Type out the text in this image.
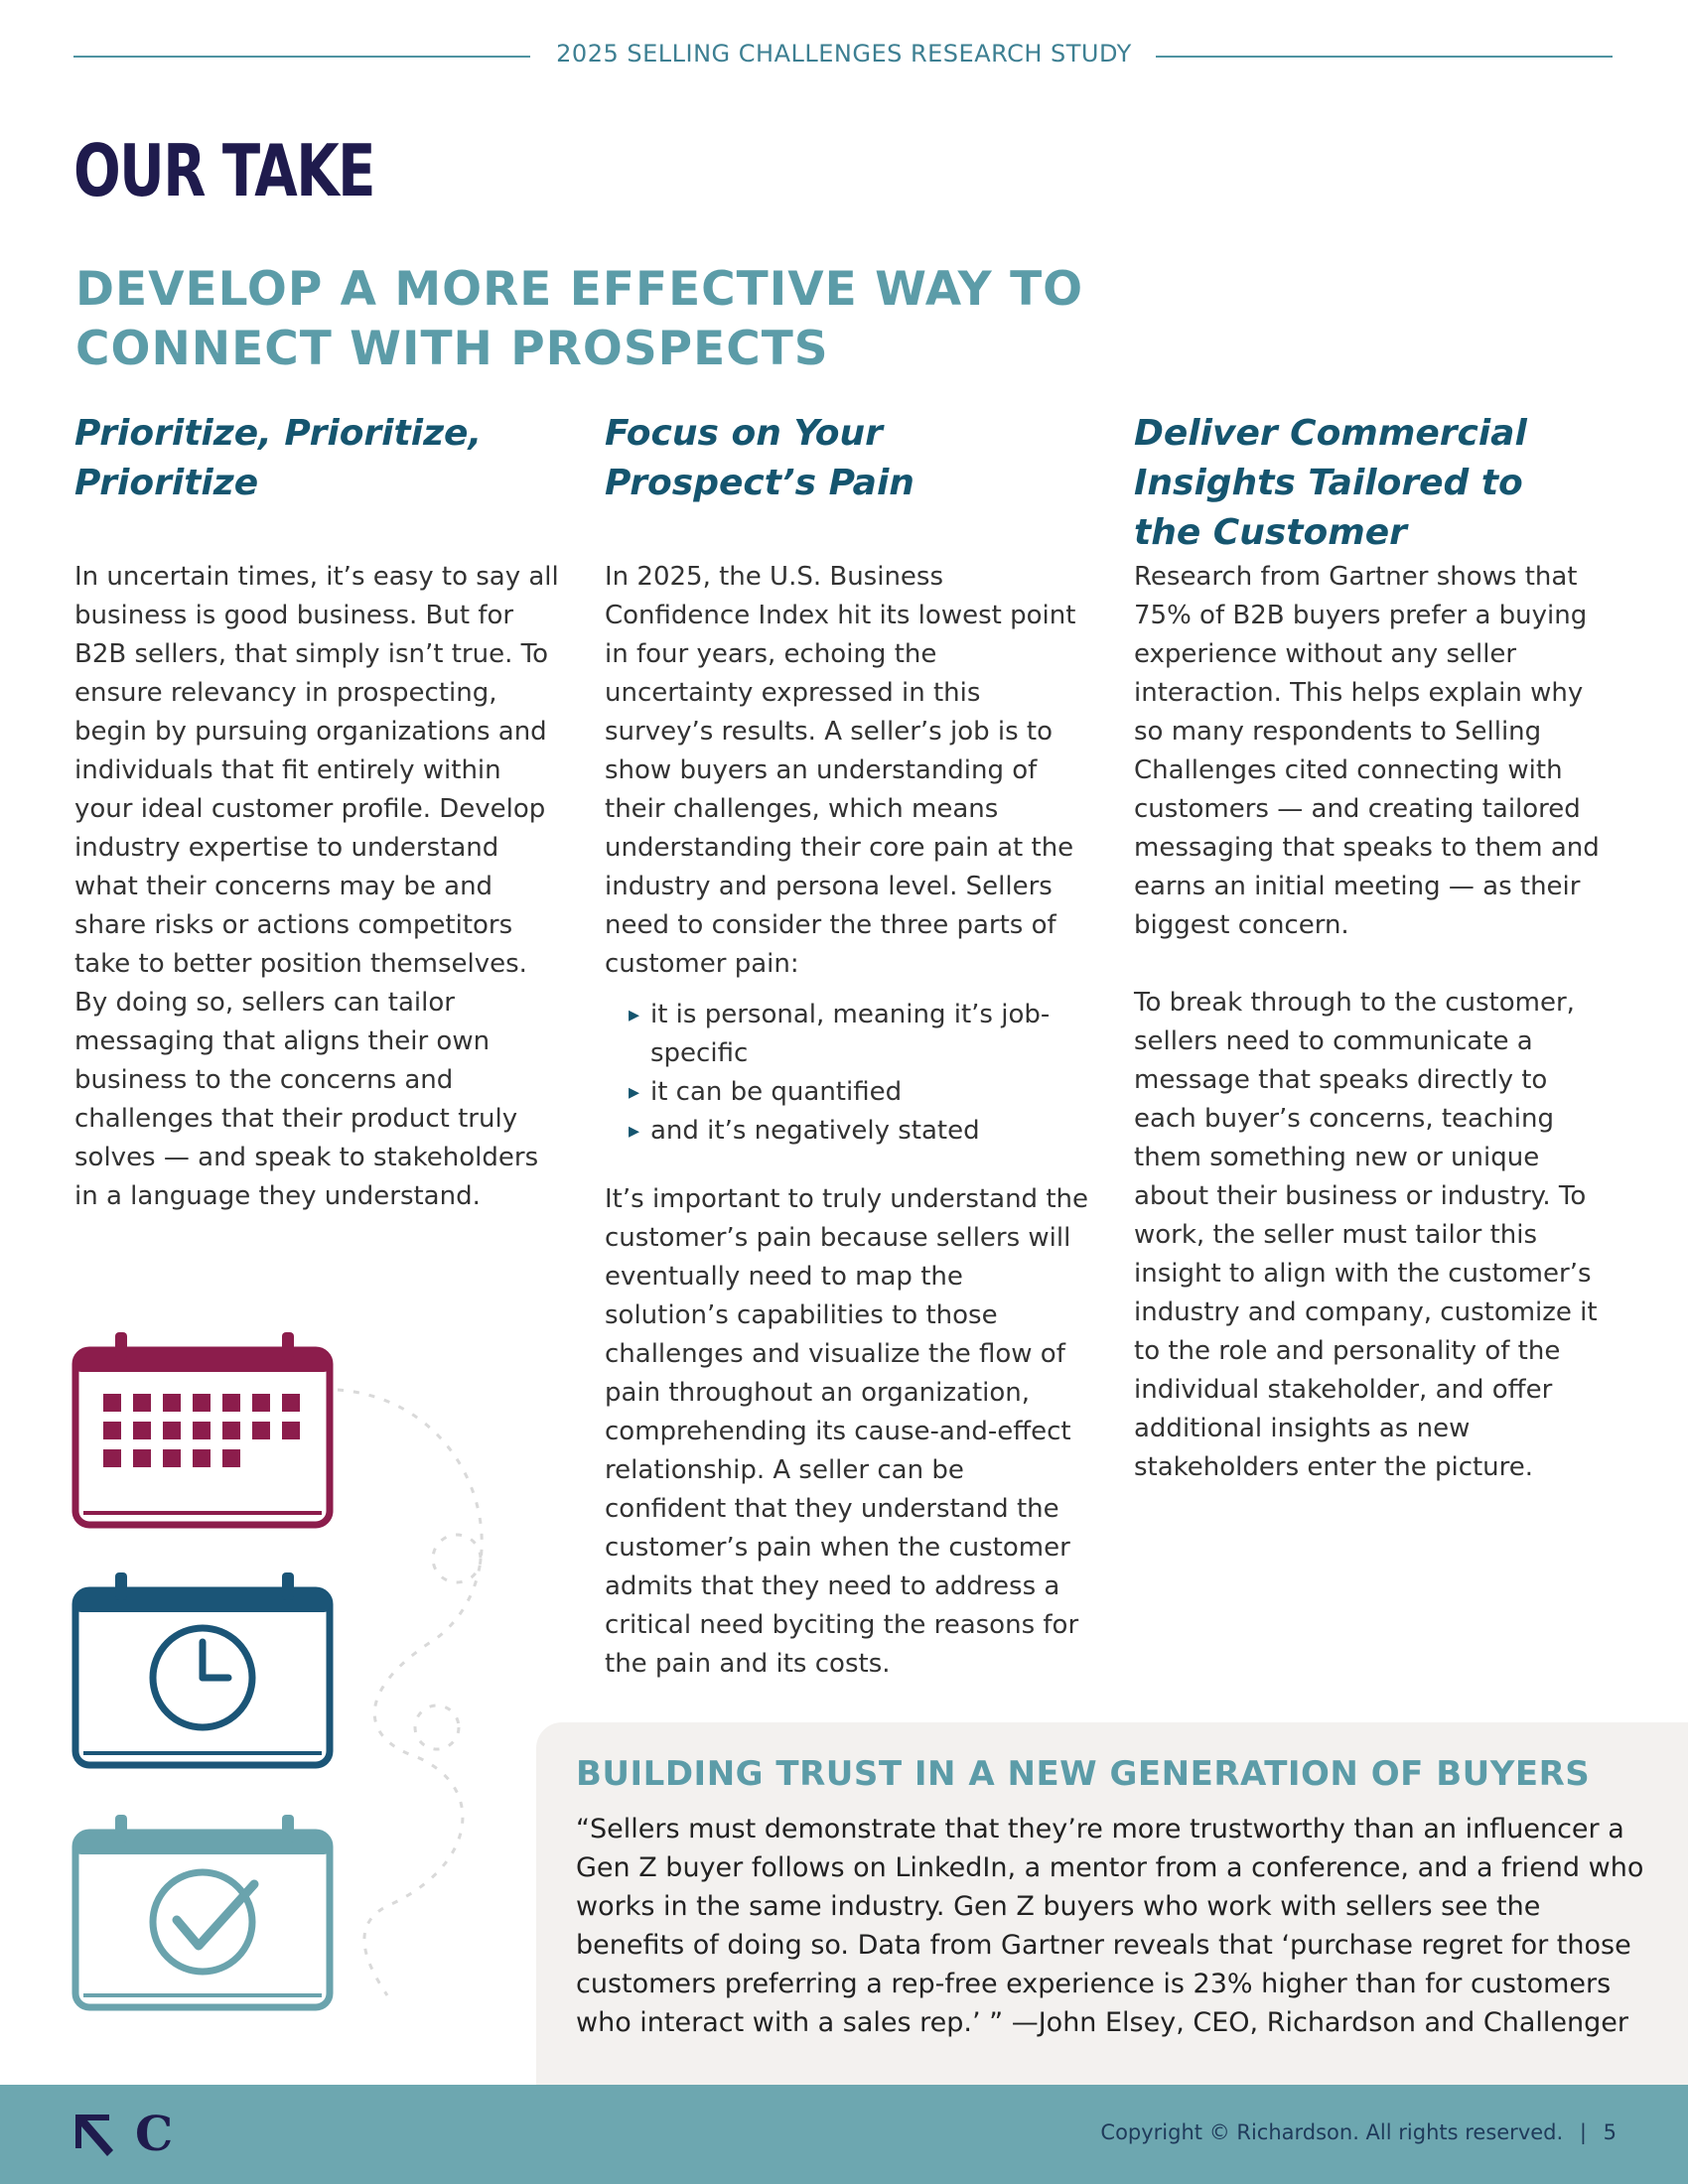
2025 SELLING CHALLENGES RESEARCH STUDY
OUR TAKE
DEVELOP A MORE EFFECTIVE WAY TO
CONNECT WITH PROSPECTS
Prioritize, Prioritize,
Prioritize

In uncertain times, it’s easy to say all business is good business. But for B2B sellers, that simply isn’t true. To ensure relevancy in prospecting, begin by pursuing organizations and individuals that fit entirely within your ideal customer profile. Develop industry expertise to understand what their concerns may be and share risks or actions competitors take to better position themselves. By doing so, sellers can tailor messaging that aligns their own business to the concerns and challenges that their product truly solves — and speak to stakeholders in a language they understand.

Focus on Your
Prospect’s Pain

In 2025, the U.S. Business Confidence Index hit its lowest point in four years, echoing the uncertainty expressed in this survey’s results. A seller’s job is to show buyers an understanding of their challenges, which means understanding their core pain at the industry and persona level. Sellers need to consider the three parts of customer pain:

▸ it is personal, meaning it’s job-specific
▸ it can be quantified
▸ and it’s negatively stated

It’s important to truly understand the customer’s pain because sellers will eventually need to map the solution’s capabilities to those challenges and visualize the flow of pain throughout an organization, comprehending its cause-and-effect relationship. A seller can be confident that they understand the customer’s pain when the customer admits that they need to address a critical need byciting the reasons for the pain and its costs.

Deliver Commercial
Insights Tailored to
the Customer

Research from Gartner shows that 75% of B2B buyers prefer a buying experience without any seller interaction. This helps explain why so many respondents to Selling Challenges cited connecting with customers — and creating tailored messaging that speaks to them and earns an initial meeting — as their biggest concern.

To break through to the customer, sellers need to communicate a message that speaks directly to each buyer’s concerns, teaching them something new or unique about their business or industry. To work, the seller must tailor this insight to align with the customer’s industry and company, customize it to the role and personality of the individual stakeholder, and offer additional insights as new stakeholders enter the picture.

BUILDING TRUST IN A NEW GENERATION OF BUYERS
“Sellers must demonstrate that they’re more trustworthy than an influencer a Gen Z buyer follows on LinkedIn, a mentor from a conference, and a friend who works in the same industry. Gen Z buyers who work with sellers see the benefits of doing so. Data from Gartner reveals that ‘purchase regret for those customers preferring a rep-free experience is 23% higher than for customers who interact with a sales rep.’ ” —John Elsey, CEO, Richardson and Challenger
C	Copyright © Richardson. All rights reserved. | 5
